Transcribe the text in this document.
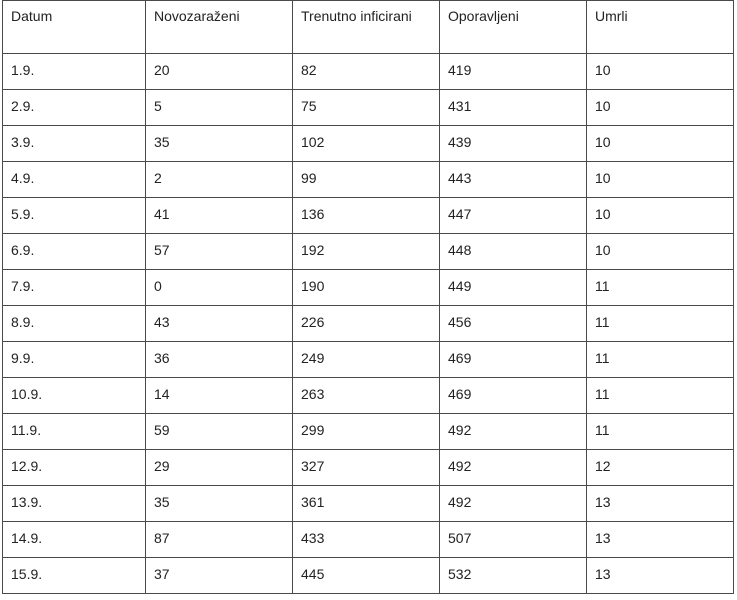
Datum	Novozaraženi	Trenutno inficirani	Oporavljeni	Umrli
1.9.	20	82	419	10
2.9.	5	75	431	10
3.9.	35	102	439	10
4.9.	2	99	443	10
5.9.	41	136	447	10
6.9.	57	192	448	10
7.9.	0	190	449	11
8.9.	43	226	456	11
9.9.	36	249	469	11
10.9.	14	263	469	11
11.9.	59	299	492	11
12.9.	29	327	492	12
13.9.	35	361	492	13
14.9.	87	433	507	13
15.9.	37	445	532	13
